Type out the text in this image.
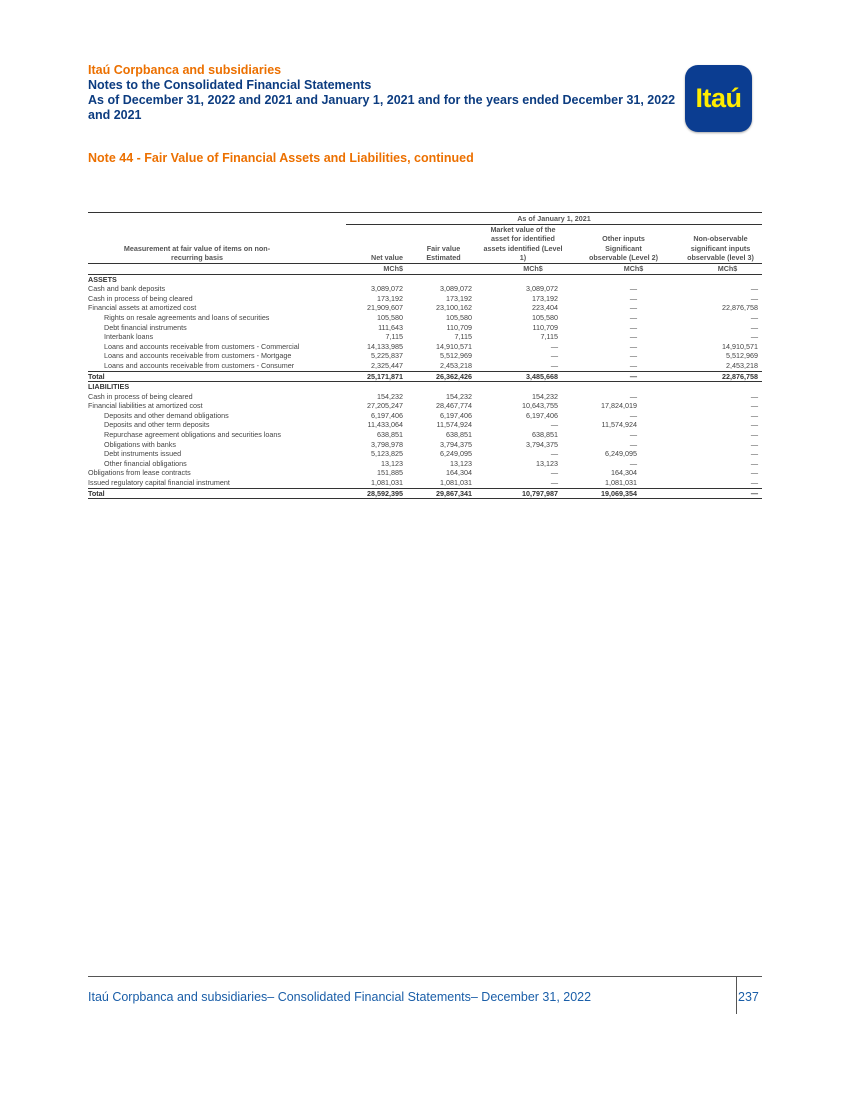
Itaú Corpbanca and subsidiaries
Notes to the Consolidated Financial Statements
As of December 31, 2022 and 2021 and January 1, 2021 and for the years ended December 31, 2022
and 2021
Itaú
Note 44 - Fair Value of Financial Assets and Liabilities, continued
	As of January 1, 2021				
Measurement at fair value of items on non-recurring basis	Net value	Fair value Estimated	Market value of the asset for identified assets identified (Level 1)	Other inputs Significant observable (Level 2)	Non-observable significant inputs observable (level 3)
	MCh$		MCh$	MCh$	MCh$
ASSETS					
Cash and bank deposits	3,089,072	3,089,072	3,089,072	—	—
Cash in process of being cleared	173,192	173,192	173,192	—	—
Financial assets at amortized cost	21,909,607	23,100,162	223,404	—	22,876,758
Rights on resale agreements and loans of securities	105,580	105,580	105,580	—	—
Debt financial instruments	111,643	110,709	110,709	—	—
Interbank loans	7,115	7,115	7,115	—	—
Loans and accounts receivable from customers - Commercial	14,133,985	14,910,571	—	—	14,910,571
Loans and accounts receivable from customers - Mortgage	5,225,837	5,512,969	—	—	5,512,969
Loans and accounts receivable from customers - Consumer	2,325,447	2,453,218	—	—	2,453,218
Total	25,171,871	26,362,426	3,485,668	—	22,876,758
LIABILITIES					
Cash in process of being cleared	154,232	154,232	154,232	—	—
Financial liabilities at amortized cost	27,205,247	28,467,774	10,643,755	17,824,019	—
Deposits and other demand obligations	6,197,406	6,197,406	6,197,406	—	—
Deposits and other term deposits	11,433,064	11,574,924	—	11,574,924	—
Repurchase agreement obligations and securities loans	638,851	638,851	638,851	—	—
Obligations with banks	3,798,978	3,794,375	3,794,375	—	—
Debt instruments issued	5,123,825	6,249,095	—	6,249,095	—
Other financial obligations	13,123	13,123	13,123	—	—
Obligations from lease contracts	151,885	164,304	—	164,304	—
Issued regulatory capital financial instrument	1,081,031	1,081,031	—	1,081,031	—
Total	28,592,395	29,867,341	10,797,987	19,069,354	—
Itaú Corpbanca and subsidiaries– Consolidated Financial Statements– December 31, 2022	237
